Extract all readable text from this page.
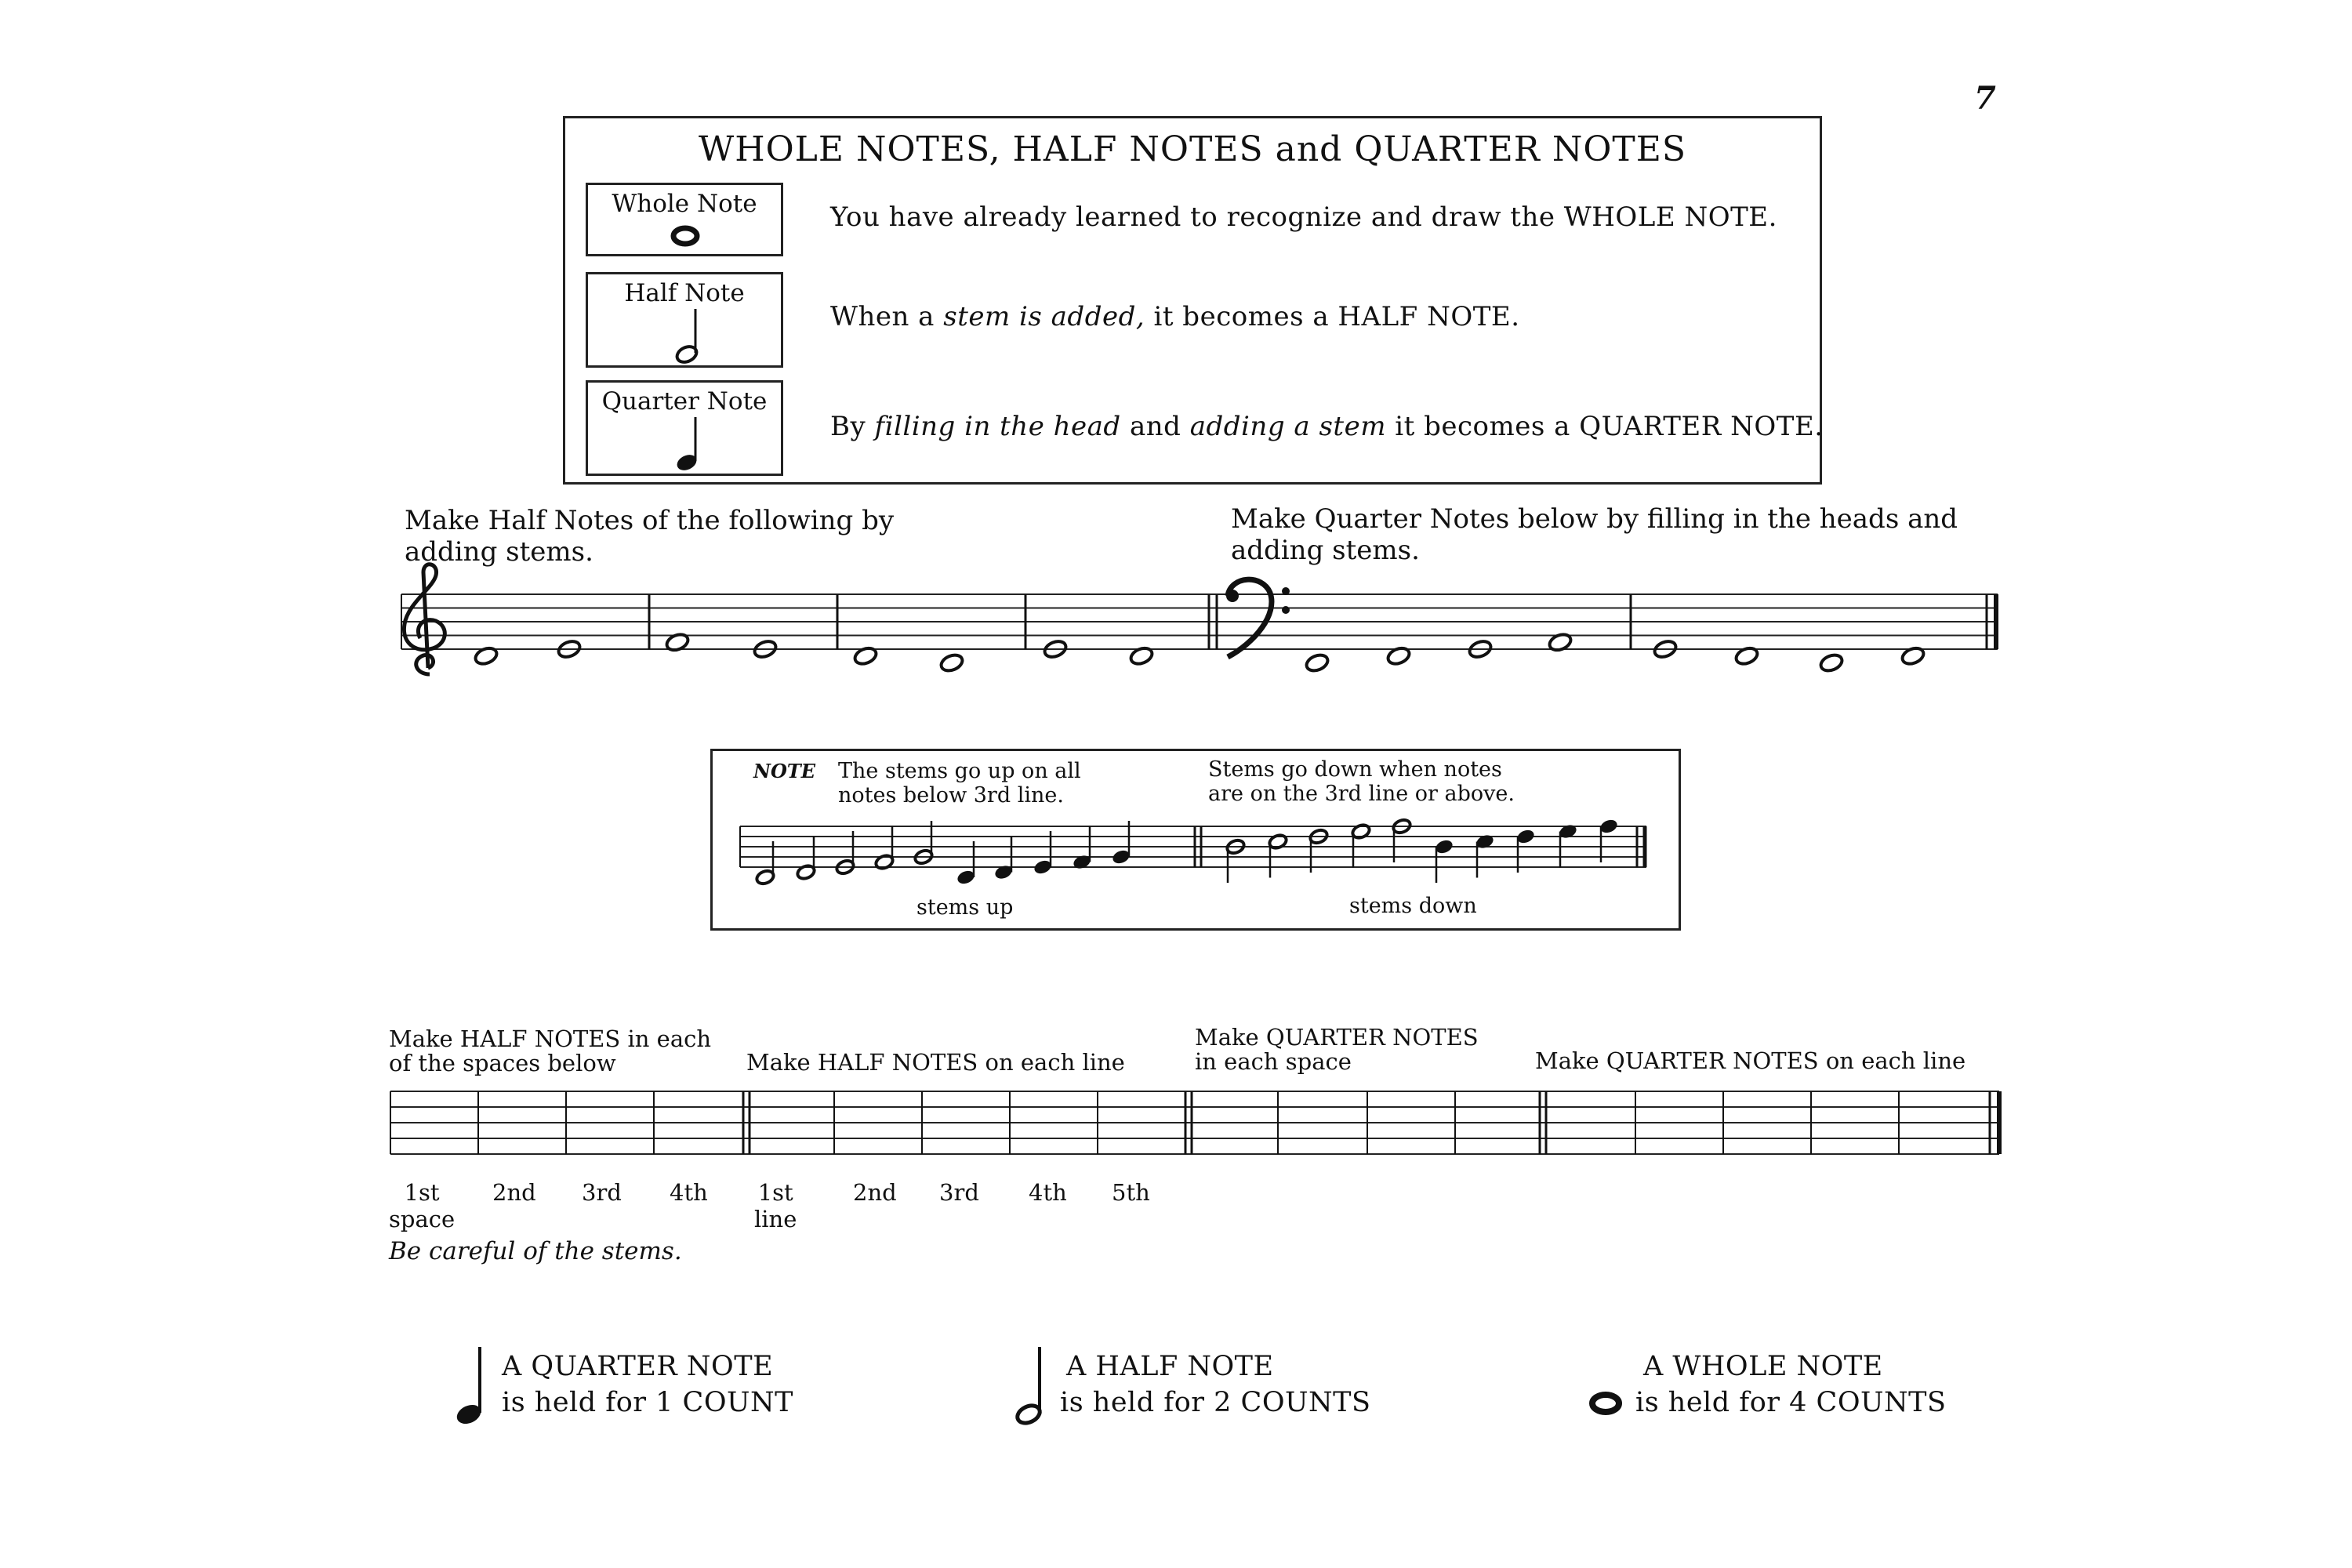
7
WHOLE NOTES, HALF NOTES and QUARTER NOTES
Whole Note	You have already learned to recognize and draw the WHOLE NOTE.
Half Note
When a stem is added, it becomes a HALF NOTE.
Quarter Note
By filling in the head and adding a stem it becomes a QUARTER NOTE.
Make Half Notes of the following by
adding stems.
Make Quarter Notes below by filling in the heads and
adding stems.
NOTE The stems go up on all
notes below 3rd line.
Stems go down when notes
are on the 3rd line or above.
stems up	stems down
Make HALF NOTES in each
of the spaces below	Make HALF NOTES on each line
Make QUARTER NOTES
in each space	Make QUARTER NOTES on each line
1st
space
2nd 3rd 4th 1st
line
2nd 3rd 4th 5th
Be careful of the stems.
A QUARTER NOTE
is held for 1 COUNT
A HALF NOTE
is held for 2 COUNTS
A WHOLE NOTE
is held for 4 COUNTS
